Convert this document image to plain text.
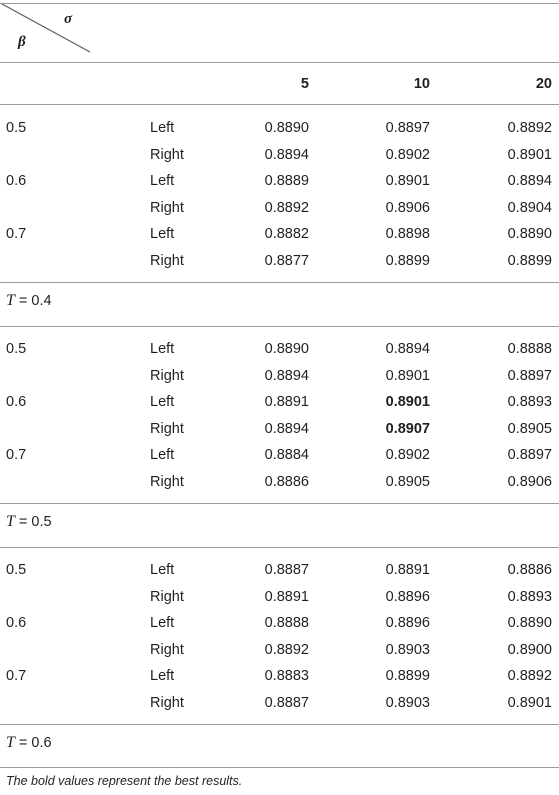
σ
β
5	10	20
0.5	Left	0.8890	0.8897	0.8892
Right	0.8894	0.8902	0.8901
0.6	Left	0.8889	0.8901	0.8894
Right	0.8892	0.8906	0.8904
0.7	Left	0.8882	0.8898	0.8890
Right	0.8877	0.8899	0.8899
T = 0.4
0.5	Left	0.8890	0.8894	0.8888
Right	0.8894	0.8901	0.8897
0.6	Left	0.8891	0.8901	0.8893
Right	0.8894	0.8907	0.8905
0.7	Left	0.8884	0.8902	0.8897
Right	0.8886	0.8905	0.8906
T = 0.5
0.5	Left	0.8887	0.8891	0.8886
Right	0.8891	0.8896	0.8893
0.6	Left	0.8888	0.8896	0.8890
Right	0.8892	0.8903	0.8900
0.7	Left	0.8883	0.8899	0.8892
Right	0.8887	0.8903	0.8901
T = 0.6
The bold values represent the best results.
